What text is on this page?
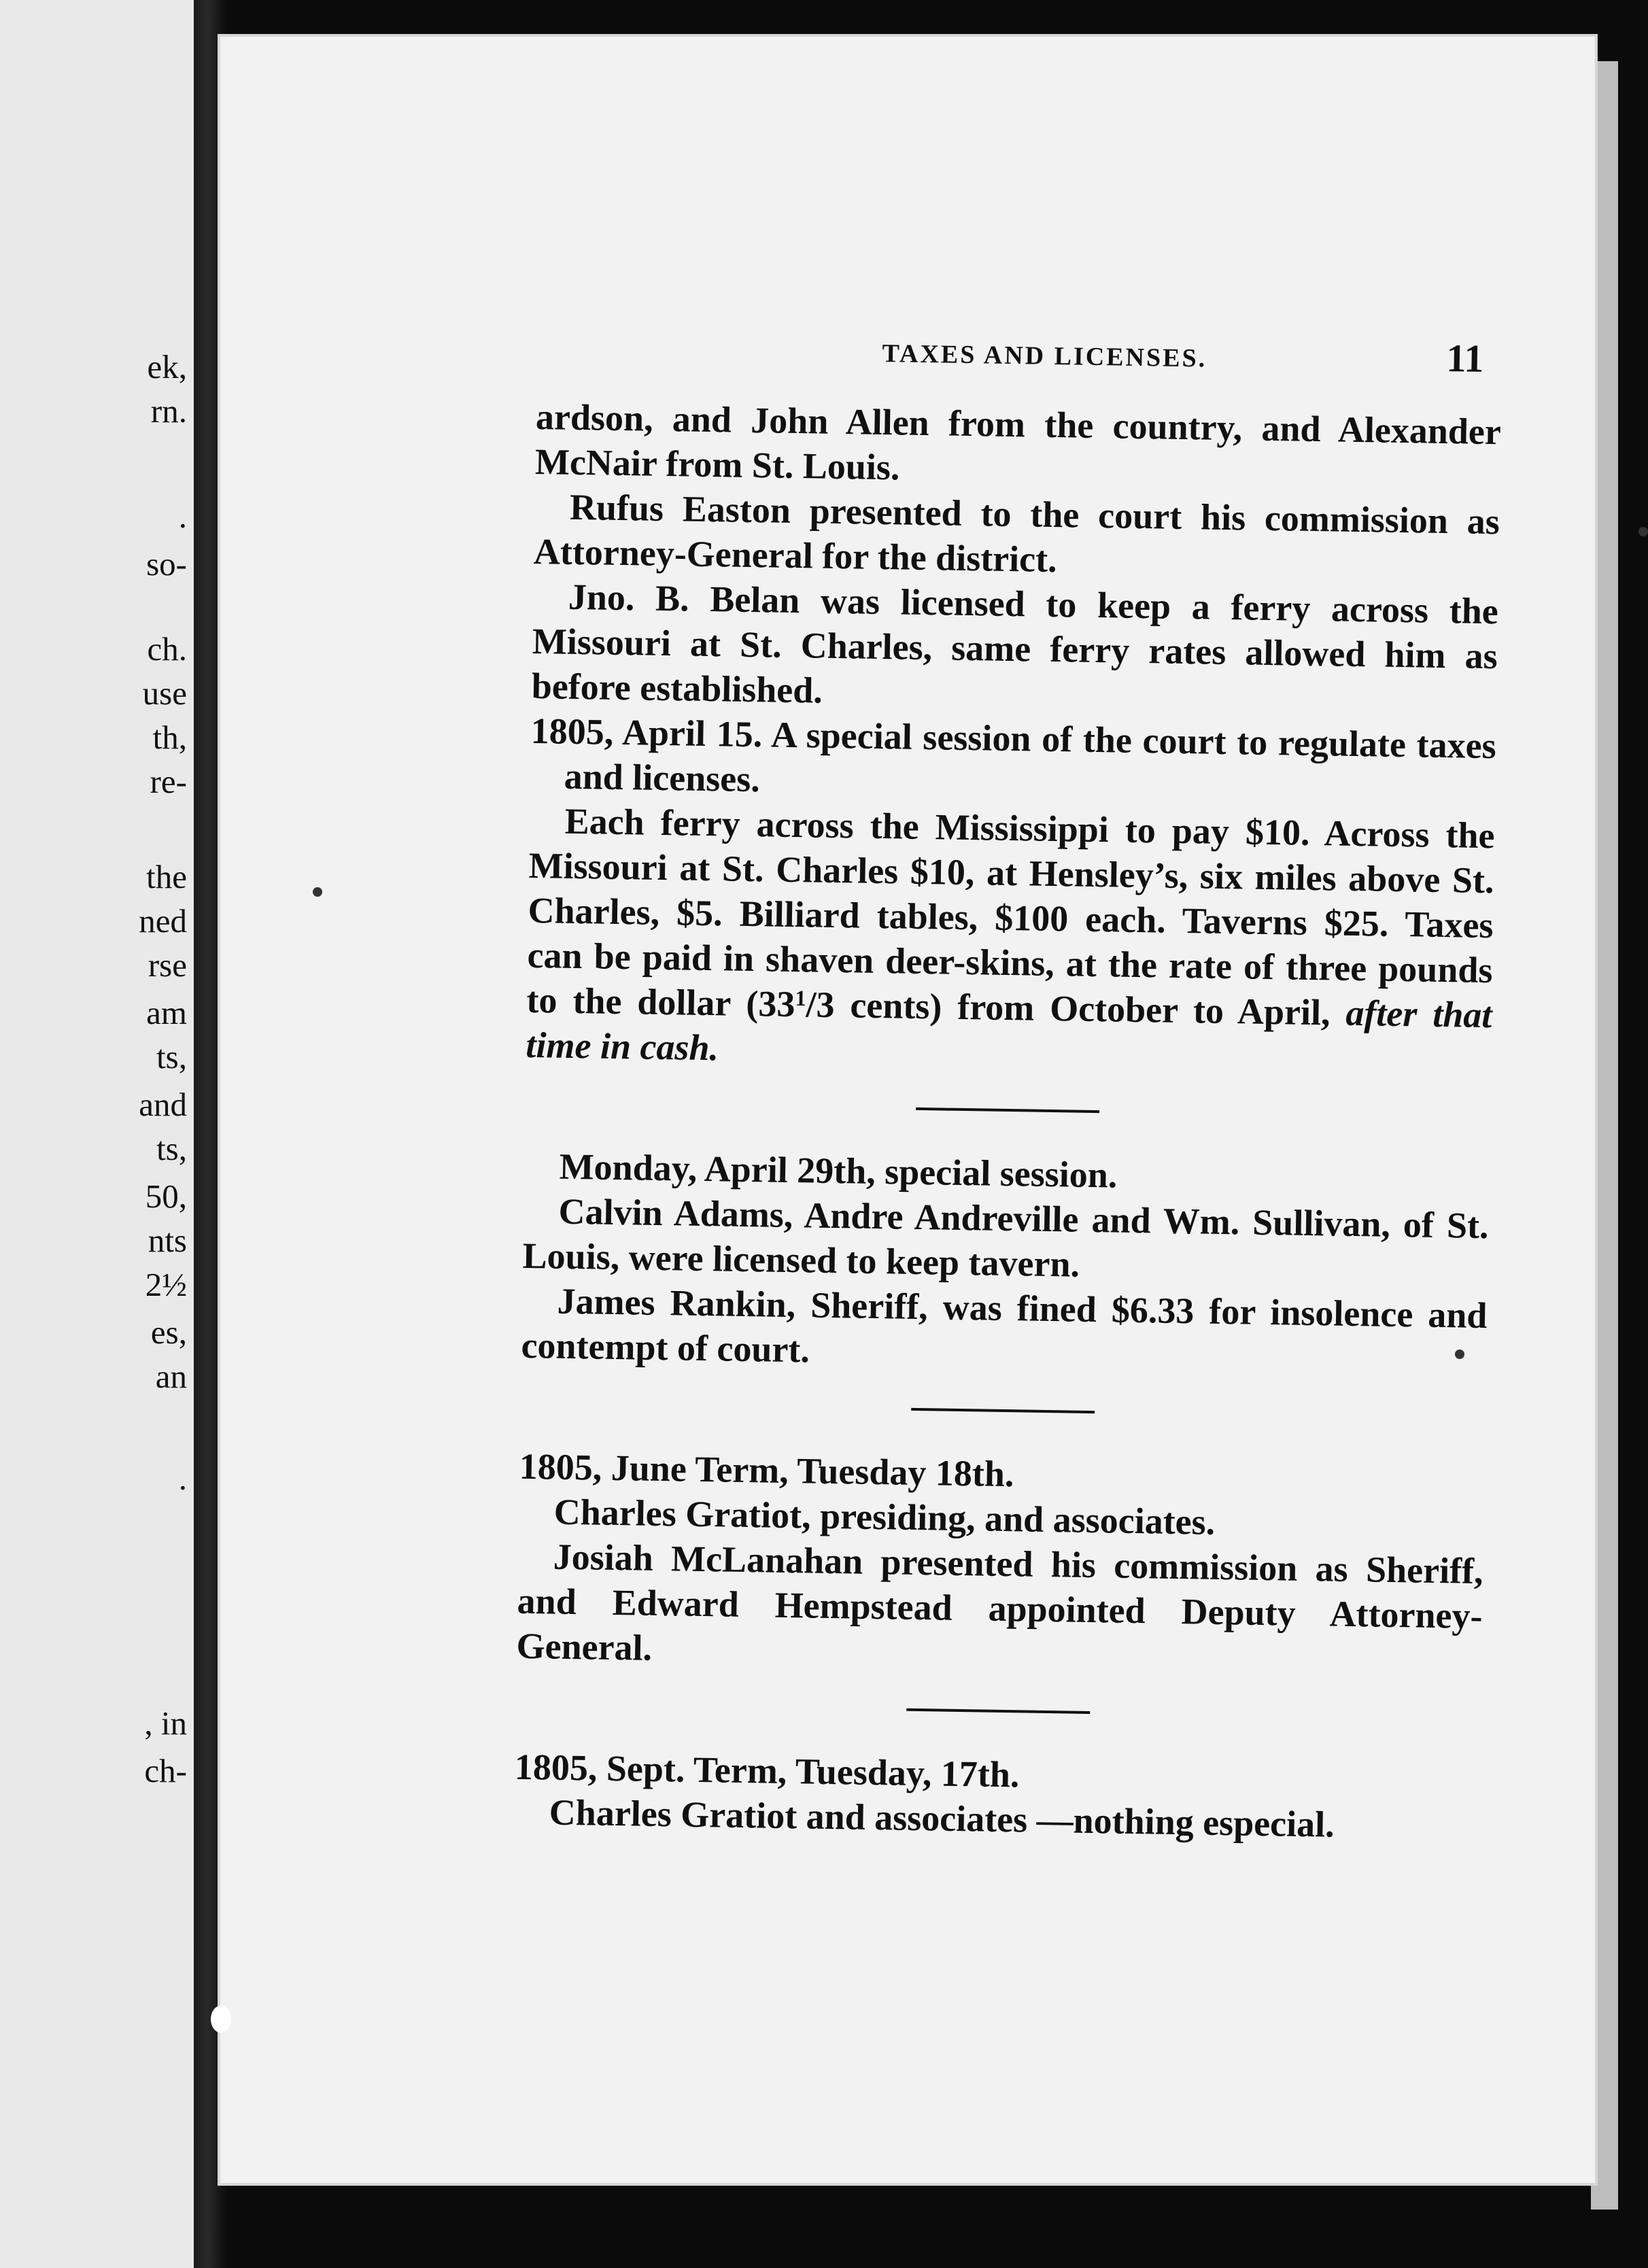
ek,
rn.
.
so-
ch.
use
th,
re-
the
ned
rse
am
ts,
and
ts,
50,
nts
2½
es,
an
.
, in
ch-
TAXES AND LICENSES.	11

ardson, and John Allen from the country, and Alexander McNair from St. Louis.

Rufus Easton presented to the court his commission as Attorney-General for the district.

Jno. B. Belan was licensed to keep a ferry across the Missouri at St. Charles, same ferry rates allowed him as before established.

1805, April 15. A special session of the court to regulate taxes and licenses.

Each ferry across the Mississippi to pay $10. Across the Missouri at St. Charles $10, at Hensley’s, six miles above St. Charles, $5. Billiard tables, $100 each. Taverns $25. Taxes can be paid in shaven deer-skins, at the rate of three pounds to the dollar ($33^1/3$ cents) from October to April, after that time in cash.

Monday, April 29th, special session.

Calvin Adams, Andre Andreville and Wm. Sullivan, of St. Louis, were licensed to keep tavern.

James Rankin, Sheriff, was fined $6.33 for insolence and contempt of court.

1805, June Term, Tuesday 18th.

Charles Gratiot, presiding, and associates.

Josiah McLanahan presented his commission as Sheriff, and Edward Hempstead appointed Deputy Attorney-General.

1805, Sept. Term, Tuesday, 17th.

Charles Gratiot and associates —nothing especial.
